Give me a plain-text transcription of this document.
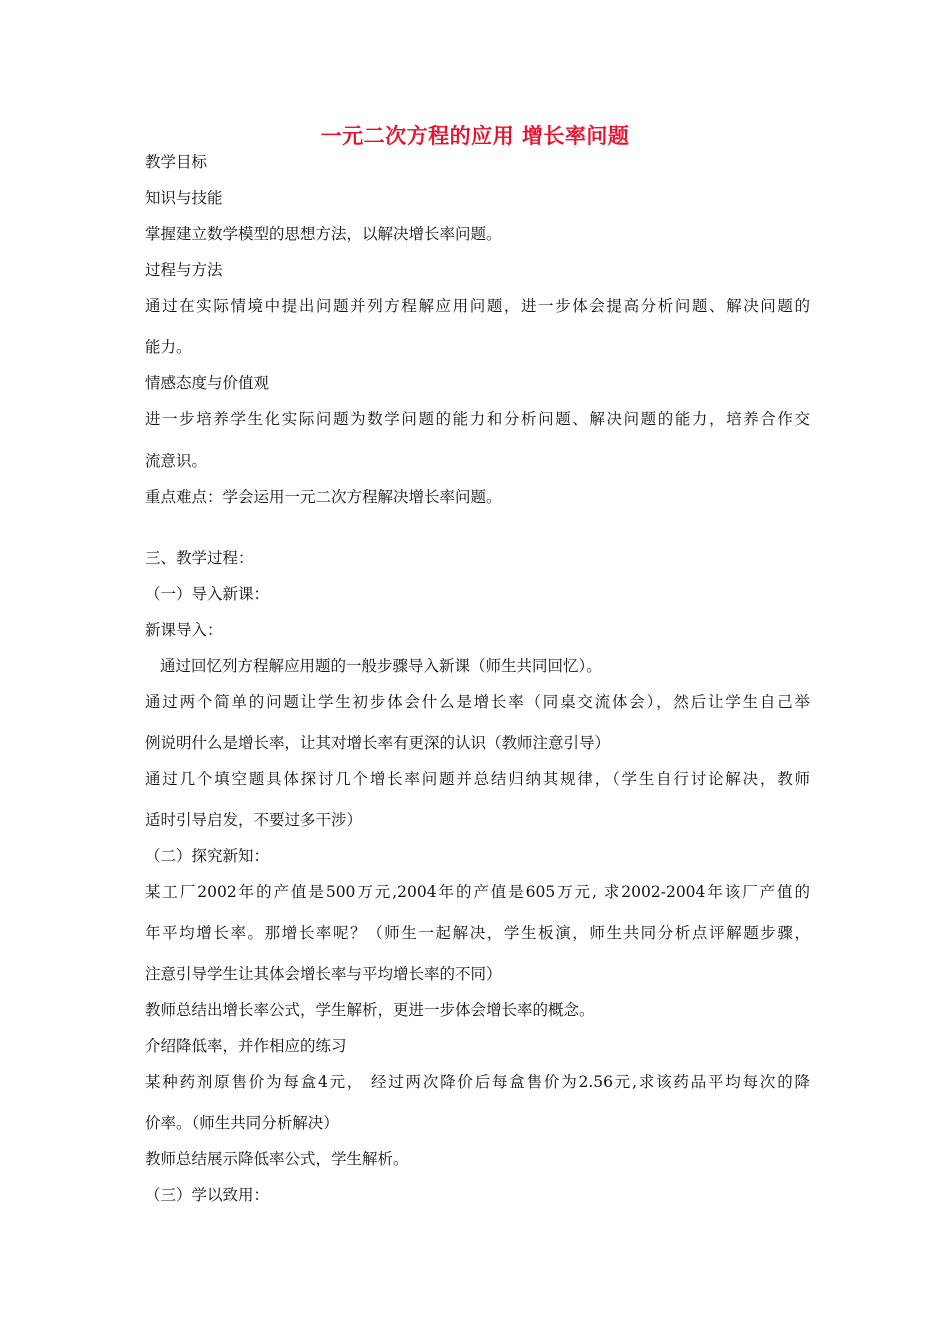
一元二次方程的应用 增长率问题
教学目标
知识与技能
掌握建立数学模型的思想方法，以解决增长率问题。
过程与方法
通过在实际情境中提出问题并列方程解应用问题，进一步体会提高分析问题、解决问题的
能力。
情感态度与价值观
进一步培养学生化实际问题为数学问题的能力和分析问题、解决问题的能力，培养合作交
流意识。
重点难点：学会运用一元二次方程解决增长率问题。
三、教学过程：
（一）导入新课：
新课导入：
通过回忆列方程解应用题的一般步骤导入新课（师生共同回忆）。
通过两个简单的问题让学生初步体会什么是增长率（同桌交流体会），然后让学生自己举
例说明什么是增长率，让其对增长率有更深的认识（教师注意引导）
通过几个填空题具体探讨几个增长率问题并总结归纳其规律，（学生自行讨论解决，教师
适时引导启发，不要过多干涉）
（二）探究新知：
某工厂2002年的产值是500万元,2004年的产值是605万元, 求2002-2004年该厂产值的
年平均增长率。那增长率呢？（师生一起解决，学生板演，师生共同分析点评解题步骤，
注意引导学生让其体会增长率与平均增长率的不同）
教师总结出增长率公式，学生解析，更进一步体会增长率的概念。
介绍降低率，并作相应的练习
某种药剂原售价为每盒4元， 经过两次降价后每盒售价为2.56元,求该药品平均每次的降
价率。（师生共同分析解决）
教师总结展示降低率公式，学生解析。
（三）学以致用：
